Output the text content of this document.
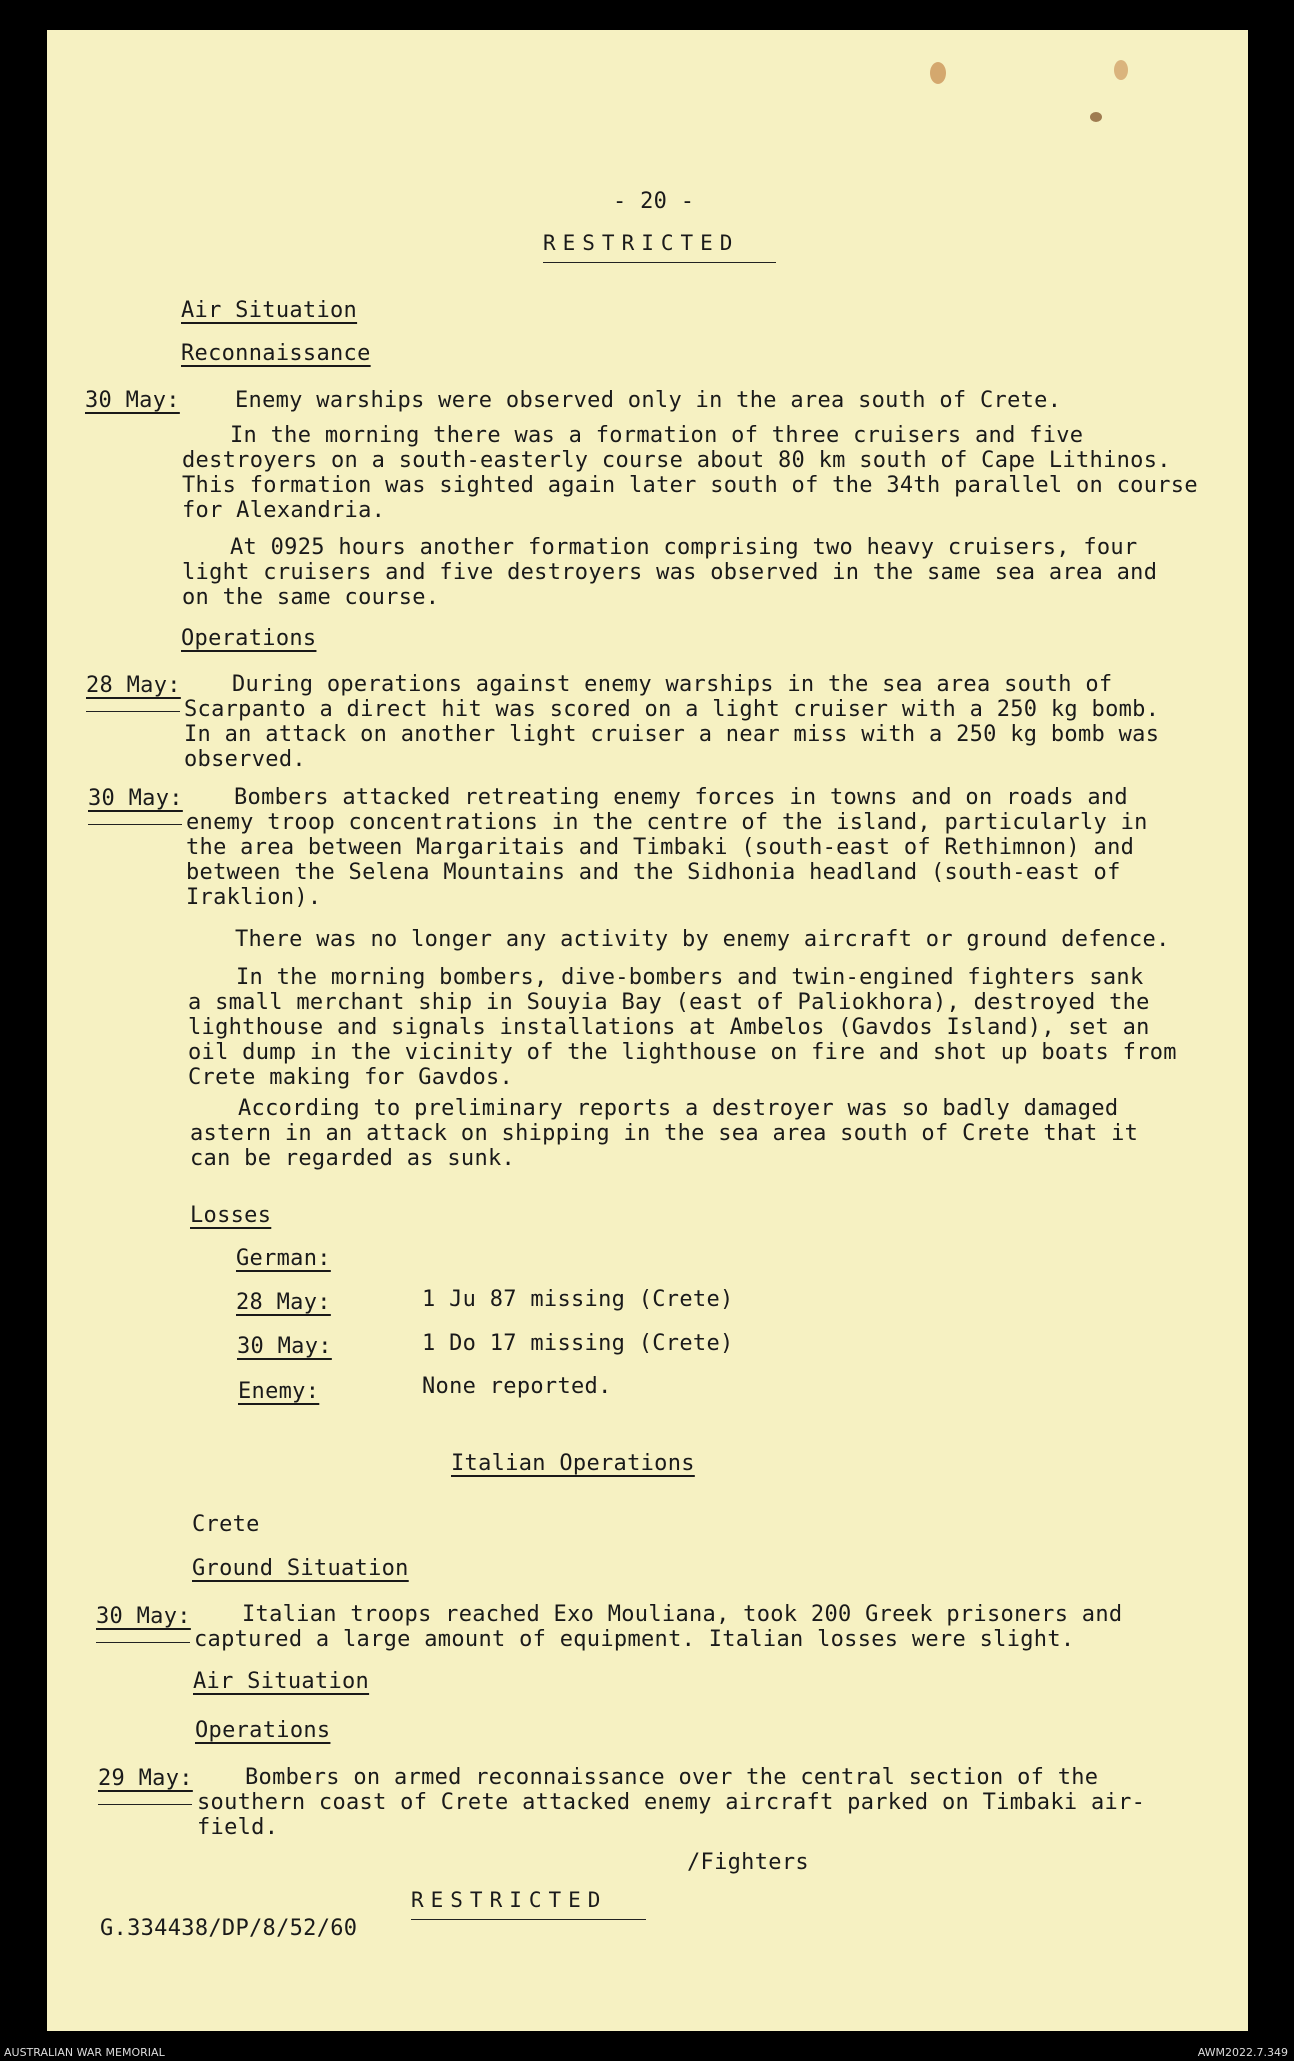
- 20 -
RESTRICTED
Air Situation
Reconnaissance
30 May:	Enemy warships were observed only in the area south of Crete.
In the morning there was a formation of three cruisers and five
destroyers on a south-easterly course about 80 km south of Cape Lithinos.
This formation was sighted again later south of the 34th parallel on course
for Alexandria.
At 0925 hours another formation comprising two heavy cruisers, four
light cruisers and five destroyers was observed in the same sea area and
on the same course.
Operations
28 May:	During operations against enemy warships in the sea area south of
Scarpanto a direct hit was scored on a light cruiser with a 250 kg bomb.
In an attack on another light cruiser a near miss with a 250 kg bomb was
observed.
30 May:	Bombers attacked retreating enemy forces in towns and on roads and
enemy troop concentrations in the centre of the island, particularly in
the area between Margaritais and Timbaki (south-east of Rethimnon) and
between the Selena Mountains and the Sidhonia headland (south-east of
Iraklion).
There was no longer any activity by enemy aircraft or ground defence.
In the morning bombers, dive-bombers and twin-engined fighters sank
a small merchant ship in Souyia Bay (east of Paliokhora), destroyed the
lighthouse and signals installations at Ambelos (Gavdos Island), set an
oil dump in the vicinity of the lighthouse on fire and shot up boats from
Crete making for Gavdos.
According to preliminary reports a destroyer was so badly damaged
astern in an attack on shipping in the sea area south of Crete that it
can be regarded as sunk.
Losses
German:
28 May:	1 Ju 87 missing (Crete)
30 May:	1 Do 17 missing (Crete)
Enemy:	None reported.
Italian Operations
Crete
Ground Situation
30 May:	Italian troops reached Exo Mouliana, took 200 Greek prisoners and
captured a large amount of equipment. Italian losses were slight.
Air Situation
Operations
29 May:	Bombers on armed reconnaissance over the central section of the
southern coast of Crete attacked enemy aircraft parked on Timbaki air-
field.
/Fighters
RESTRICTED
G.334438/DP/8/52/60
AUSTRALIAN WAR MEMORIAL	AWM2022.7.349
